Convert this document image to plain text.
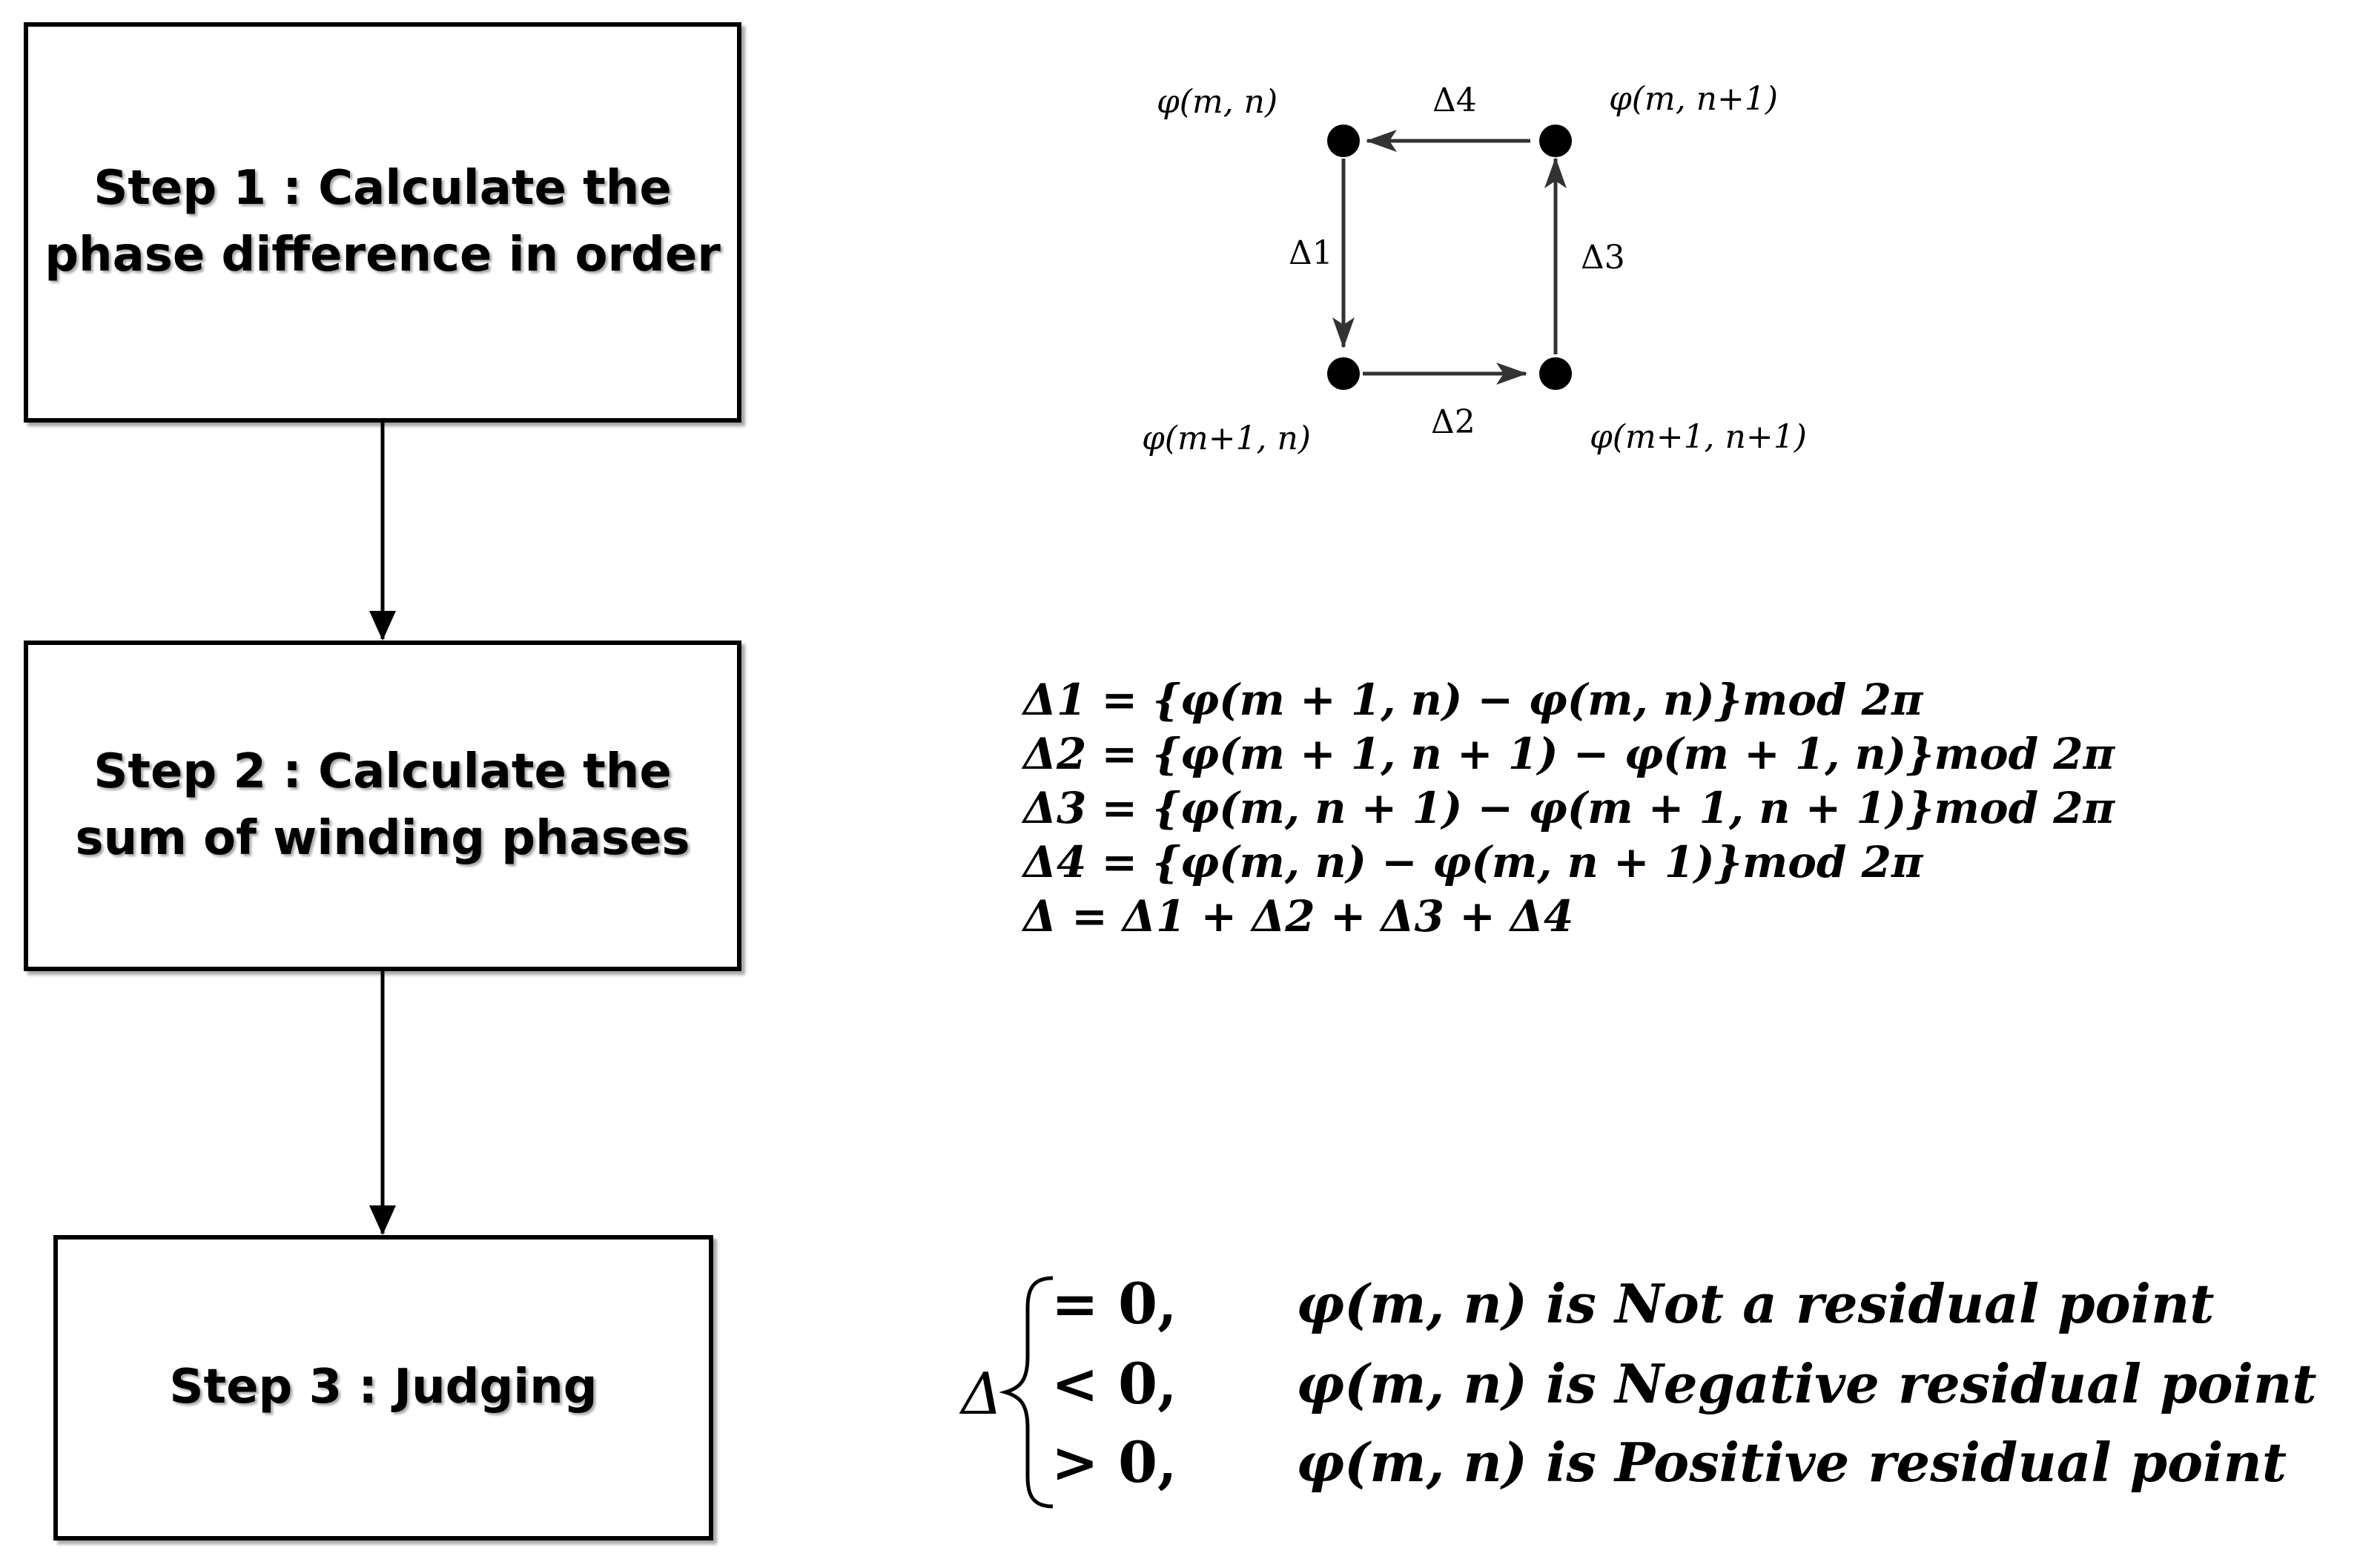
φ(m, n)	φ(m, n+1)
φ(m+1, n)	φ(m+1, n+1)
Δ1
Δ2
Δ3
Δ4
Step 1 : Calculate the phase difference in order
Step 2 : Calculate the sum of winding phases
Step 3 : Judging
Δ1 = {φ(m + 1, n) − φ(m, n)}mod 2π
Δ2 = {φ(m + 1, n + 1) − φ(m + 1, n)}mod 2π
Δ3 = {φ(m, n + 1) − φ(m + 1, n + 1)}mod 2π
Δ4 = {φ(m, n) − φ(m, n + 1)}mod 2π
Δ = Δ1 + Δ2 + Δ3 + Δ4
Δ
= 0, φ(m, n) is Not a residual point
< 0, φ(m, n) is Negative residual point
> 0, φ(m, n) is Positive residual point
